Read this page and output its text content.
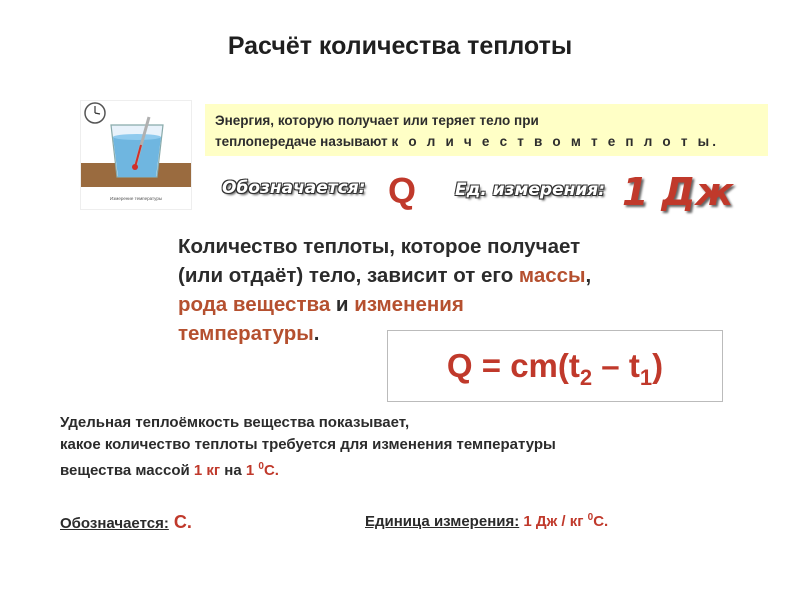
Расчёт количества теплоты
Измерение температуры
Энергия, которую получает или теряет тело при
теплопередаче называют к о л и ч е с т в о м т е п л о т ы.
Обозначается: Q Ед. измерения: 1 Дж
Количество теплоты, которое получает
(или отдаёт) тело, зависит от его массы,
рода вещества и изменения
температуры.
$Q = cm(t_2 - t_1)$
Удельная теплоёмкость вещества показывает,
какое количество теплоты требуется для изменения температуры
вещества массой 1 кг на 1 $^0$С.
Обозначается: С.	Единица измерения: 1 Дж / кг $^0$С.
